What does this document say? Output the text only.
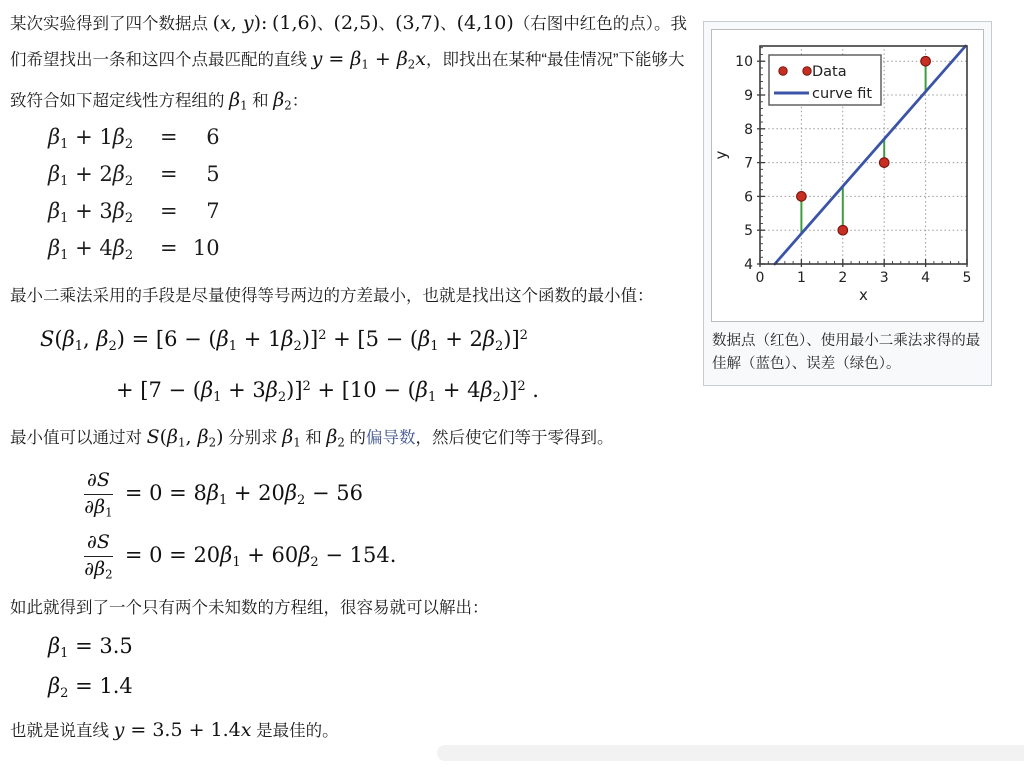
某次实验得到了四个数据点 (x, y): (1,6)、(2,5)、(3,7)、(4,10)（右图中红色的点）。我们希望找出一条和这四个点最匹配的直线 $y = \beta_1 + \beta_2x$，即找出在某种“最佳情况”下能够大致符合如下超定线性方程组的 $\beta_1$ 和 $\beta_2$：

$\beta_1 + 1\beta_2$	=	6
$\beta_1 + 2\beta_2$	=	5
$\beta_1 + 3\beta_2$	=	7
$\beta_1 + 4\beta_2$	= 10

最小二乘法采用的手段是尽量使得等号两边的方差最小，也就是找出这个函数的最小值：

$S(\beta_1$, $\beta_2) = [6 - (\beta_1 + 1\beta_2)]^2 + [5 - (\beta_1 + 2\beta_2)]^2$
+ $[7 - (\beta_1 + 3\beta_2)]^2 + [10 - (\beta_1 + 4\beta_2)]^2$ .

最小值可以通过对 $S(\beta_1$, $\beta_2$) 分别求 $\beta_1$ 和 $\beta_2$ 的偏导数，然后使它们等于零得到。

$\frac{\partial S}{\partial\beta_1} = 0 = 8\beta_1 + 20\beta_2 - 56$
$\frac{\partial S}{\partial\beta_2} = 0 = 20\beta_1 + 60\beta_2 - 154$.

如此就得到了一个只有两个未知数的方程组，很容易就可以解出：

$\beta_1 = 3.5$
$\beta_2 = 1.4$

也就是说直线 y = 3.5 + 1.4x 是最佳的。

0 1 2 3 4 5
4
5
6
7
8
9
10
x
y
Data
curve fit
数据点（红色）、使用最小二乘法求得的最佳解（蓝色）、误差（绿色）。
